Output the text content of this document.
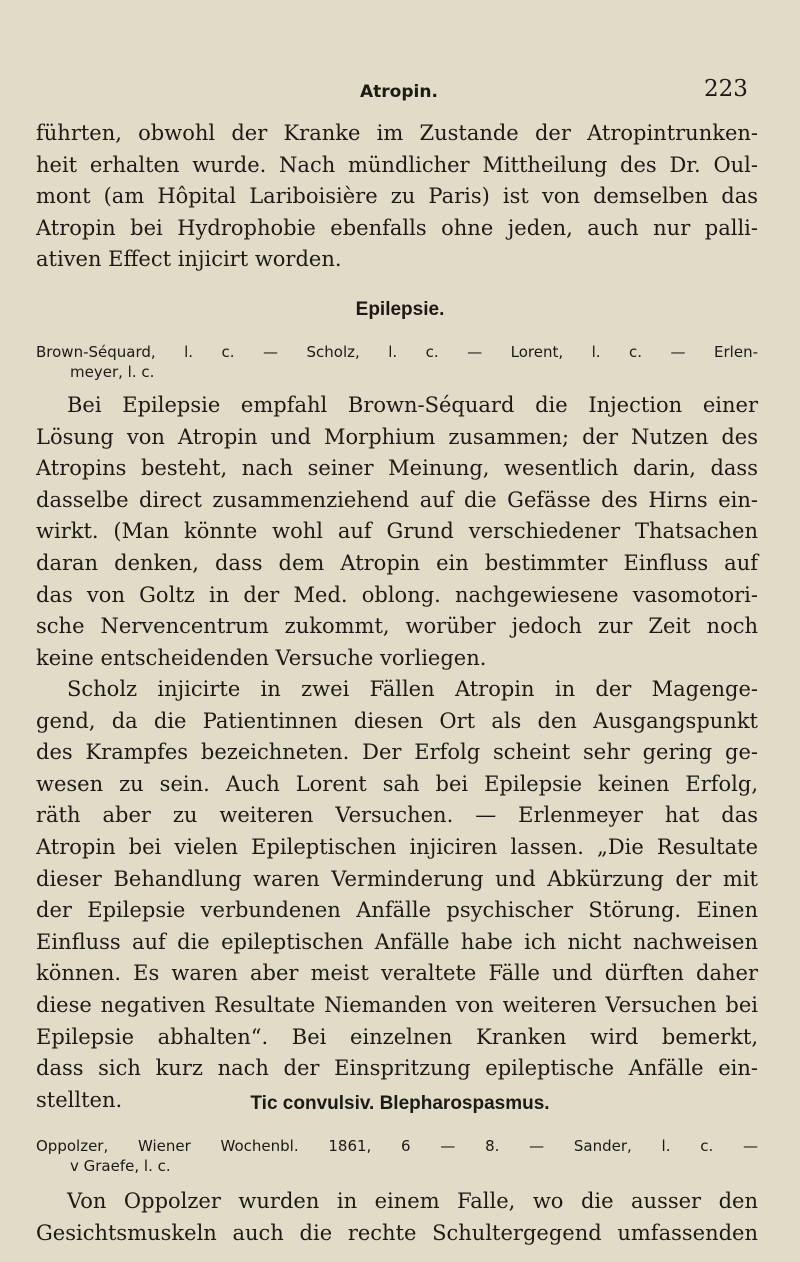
Atropin.	223
führten, obwohl der Kranke im Zustande der Atropintrunken-
heit erhalten wurde. Nach mündlicher Mittheilung des Dr. Oul-
mont (am Hôpital Lariboisière zu Paris) ist von demselben das
Atropin bei Hydrophobie ebenfalls ohne jeden, auch nur palli-
ativen Effect injicirt worden.
Epilepsie.
Brown-Séquard, l. c. — Scholz, l. c. — Lorent, l. c. — Erlen-
meyer, l. c.
Bei Epilepsie empfahl Brown-Séquard die Injection einer
Lösung von Atropin und Morphium zusammen; der Nutzen des
Atropins besteht, nach seiner Meinung, wesentlich darin, dass
dasselbe direct zusammenziehend auf die Gefässe des Hirns ein-
wirkt. (Man könnte wohl auf Grund verschiedener Thatsachen
daran denken, dass dem Atropin ein bestimmter Einfluss auf
das von Goltz in der Med. oblong. nachgewiesene vasomotori-
sche Nervencentrum zukommt, worüber jedoch zur Zeit noch
keine entscheidenden Versuche vorliegen.
Scholz injicirte in zwei Fällen Atropin in der Magenge-
gend, da die Patientinnen diesen Ort als den Ausgangspunkt
des Krampfes bezeichneten. Der Erfolg scheint sehr gering ge-
wesen zu sein. Auch Lorent sah bei Epilepsie keinen Erfolg,
räth aber zu weiteren Versuchen. — Erlenmeyer hat das
Atropin bei vielen Epileptischen injiciren lassen. „Die Resultate
dieser Behandlung waren Verminderung und Abkürzung der mit
der Epilepsie verbundenen Anfälle psychischer Störung. Einen
Einfluss auf die epileptischen Anfälle habe ich nicht nachweisen
können. Es waren aber meist veraltete Fälle und dürften daher
diese negativen Resultate Niemanden von weiteren Versuchen bei
Epilepsie abhalten“. Bei einzelnen Kranken wird bemerkt,
dass sich kurz nach der Einspritzung epileptische Anfälle ein-
stellten.	Tic convulsiv. Blepharospasmus.
Oppolzer, Wiener Wochenbl. 1861, 6 — 8. — Sander, l. c. —
v Graefe, l. c.
Von Oppolzer wurden in einem Falle, wo die ausser den
Gesichtsmuskeln auch die rechte Schultergegend umfassenden
